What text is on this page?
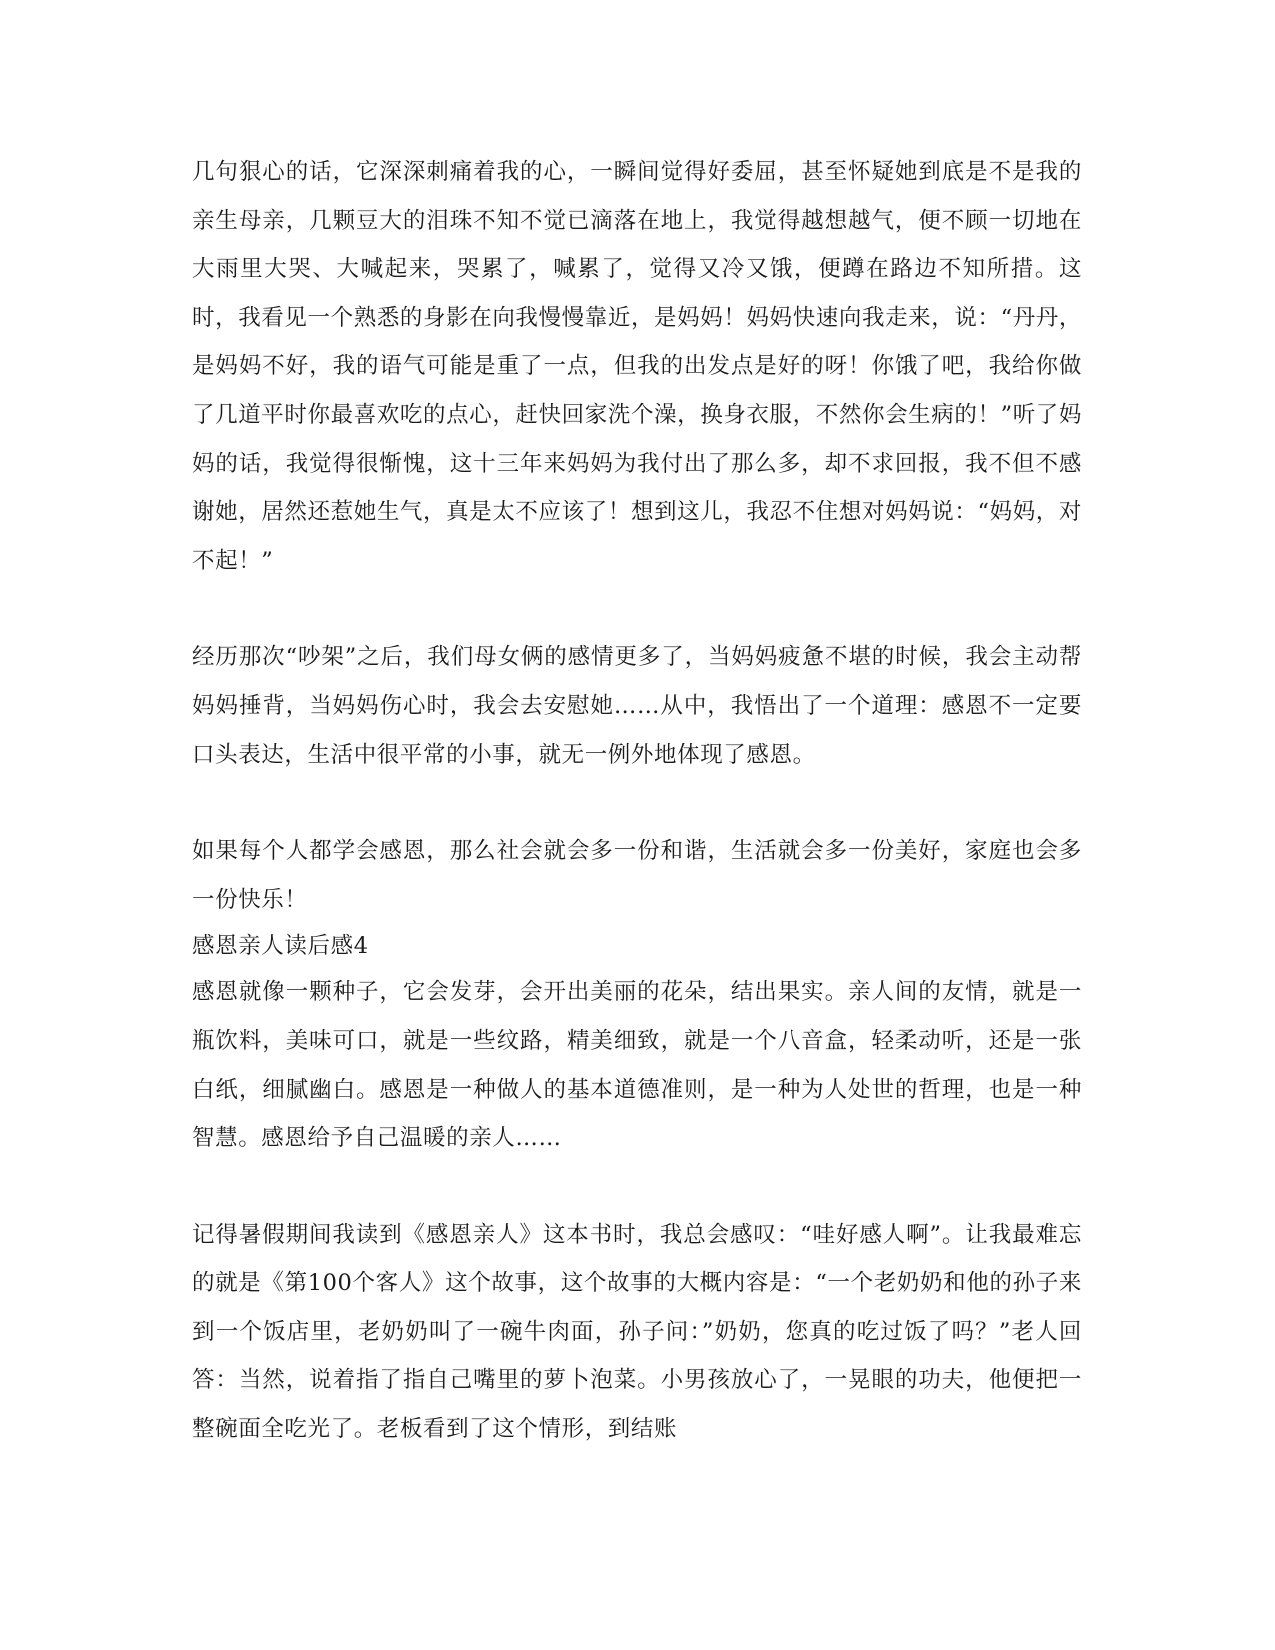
几句狠心的话，它深深刺痛着我的心，一瞬间觉得好委屈，甚至怀疑她到底是不是我的亲生母亲，几颗豆大的泪珠不知不觉已滴落在地上，我觉得越想越气，便不顾一切地在大雨里大哭、大喊起来，哭累了，喊累了，觉得又冷又饿，便蹲在路边不知所措。这时，我看见一个熟悉的身影在向我慢慢靠近，是妈妈！妈妈快速向我走来，说：“丹丹，是妈妈不好，我的语气可能是重了一点，但我的出发点是好的呀！你饿了吧，我给你做了几道平时你最喜欢吃的点心，赶快回家洗个澡，换身衣服，不然你会生病的！”听了妈妈的话，我觉得很惭愧，这十三年来妈妈为我付出了那么多，却不求回报，我不但不感谢她，居然还惹她生气，真是太不应该了！想到这儿，我忍不住想对妈妈说：“妈妈，对不起！”

经历那次“吵架”之后，我们母女俩的感情更多了，当妈妈疲惫不堪的时候，我会主动帮妈妈捶背，当妈妈伤心时，我会去安慰她……从中，我悟出了一个道理：感恩不一定要口头表达，生活中很平常的小事，就无一例外地体现了感恩。

如果每个人都学会感恩，那么社会就会多一份和谐，生活就会多一份美好，家庭也会多一份快乐！

感恩亲人读后感4

感恩就像一颗种子，它会发芽，会开出美丽的花朵，结出果实。亲人间的友情，就是一瓶饮料，美味可口，就是一些纹路，精美细致，就是一个八音盒，轻柔动听，还是一张白纸，细腻幽白。感恩是一种做人的基本道德准则，是一种为人处世的哲理，也是一种智慧。感恩给予自己温暖的亲人……

记得暑假期间我读到《感恩亲人》这本书时，我总会感叹：“哇好感人啊”。让我最难忘的就是《第100个客人》这个故事，这个故事的大概内容是：“一个老奶奶和他的孙子来到一个饭店里，老奶奶叫了一碗牛肉面，孙子问：”奶奶，您真的吃过饭了吗？”老人回答：当然，说着指了指自己嘴里的萝卜泡菜。小男孩放心了，一晃眼的功夫，他便把一整碗面全吃光了。老板看到了这个情形，到结账
